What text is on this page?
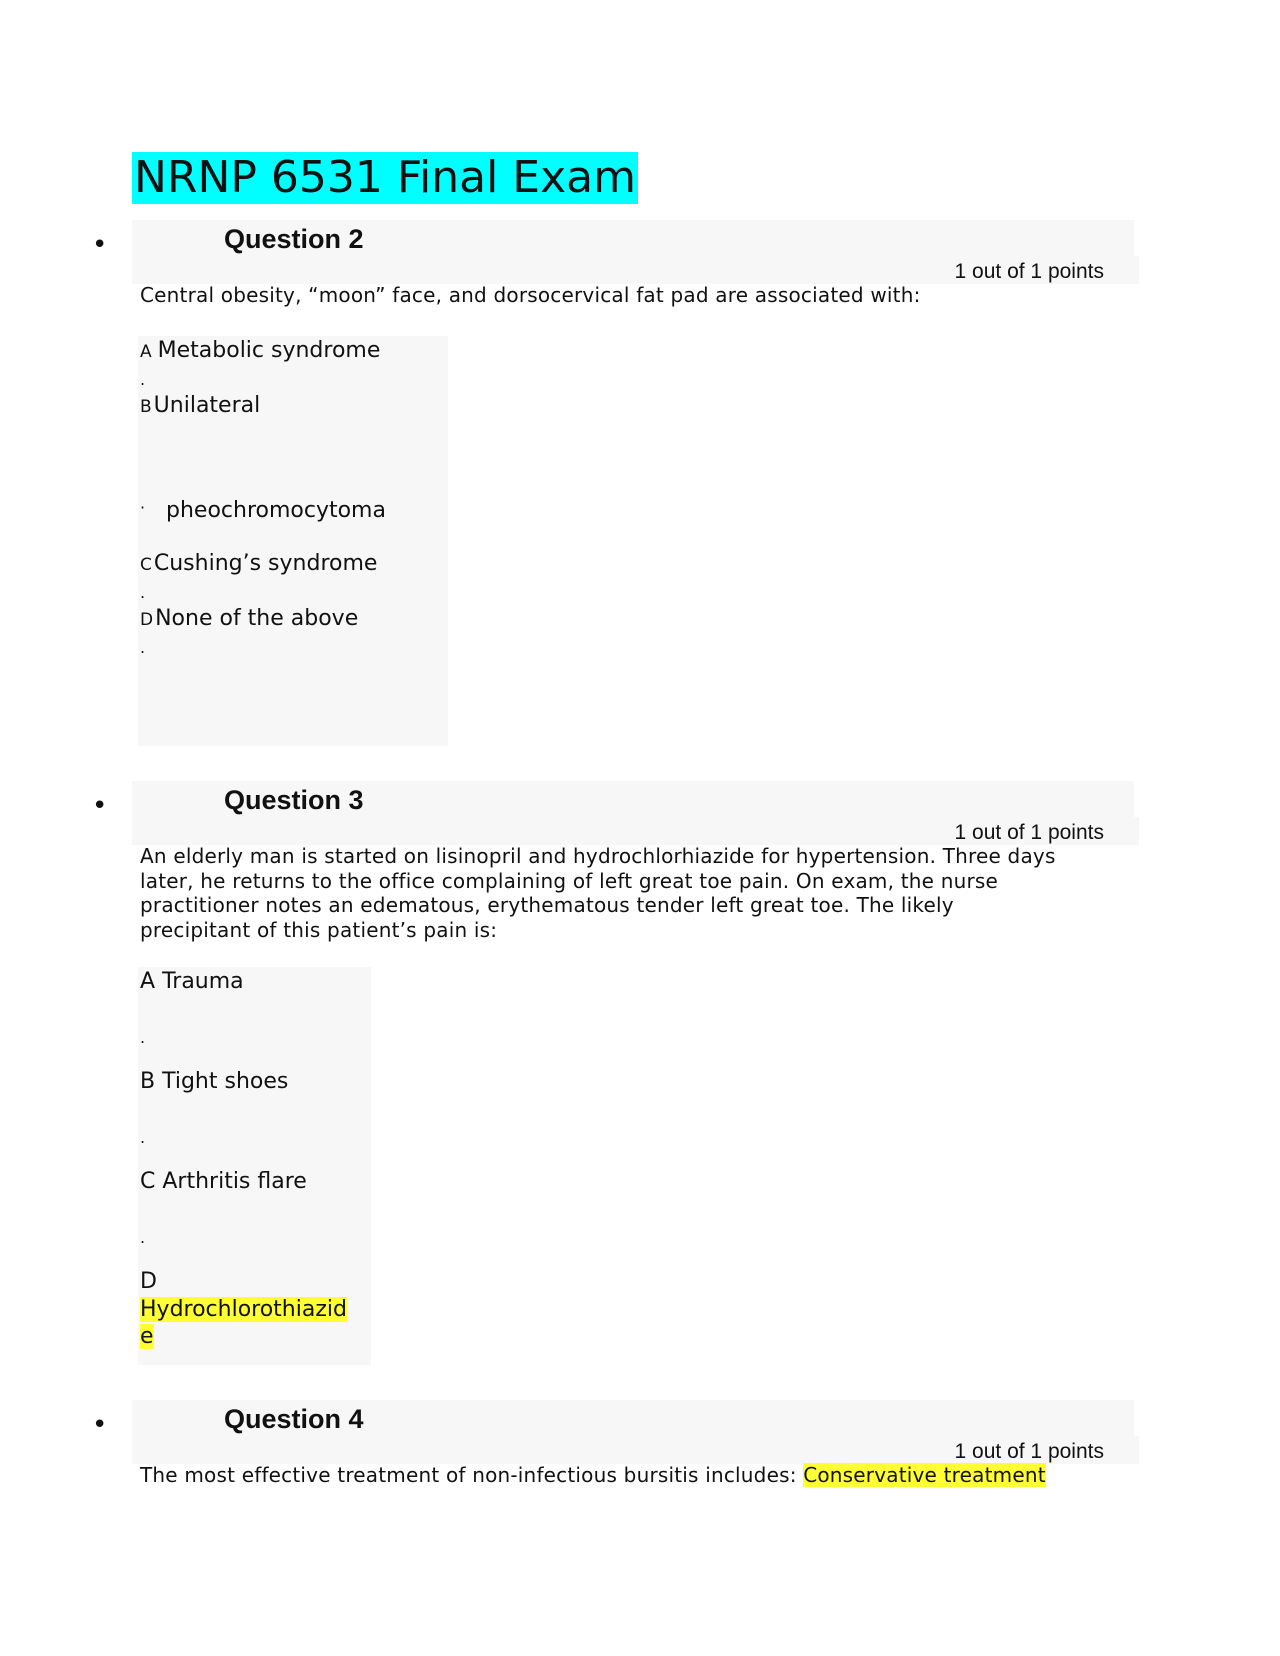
NRNP 6531 Final Exam
•	Question 2
1 out of 1 points
Central obesity, “moon” face, and dorsocervical fat pad are associated with:
A Metabolic syndrome
.
BUnilateral
· pheochromocytoma
CCushing’s syndrome
.
DNone of the above
.
•	Question 3
1 out of 1 points
An elderly man is started on lisinopril and hydrochlorhiazide for hypertension. Three days later, he returns to the office complaining of left great toe pain. On exam, the nurse practitioner notes an edematous, erythematous tender left great toe. The likely precipitant of this patient’s pain is:
A Trauma
.
B Tight shoes
.
C Arthritis flare
.
D
Hydrochlorothiazid
e
•	Question 4
1 out of 1 points
The most effective treatment of non-infectious bursitis includes: Conservative treatment
